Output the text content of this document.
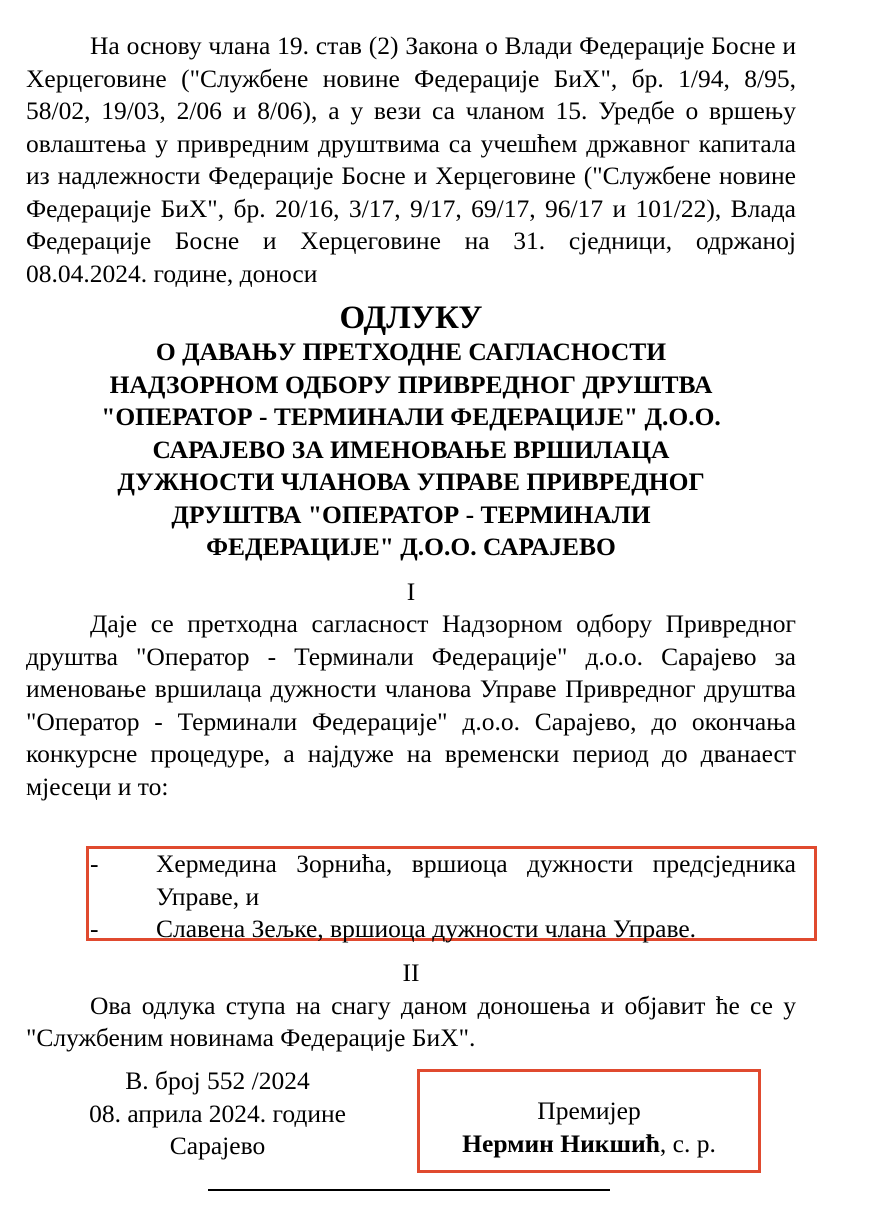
На основу члана 19. став (2) Закона о Влади Федерације Босне и Херцеговине ("Службене новине Федерације БиХ", бр. 1/94, 8/95, 58/02, 19/03, 2/06 и 8/06), а у вези са чланом 15. Уредбе о вршењу овлаштења у привредним друштвима са учешћем државног капитала из надлежности Федерације Босне и Херцеговине ("Службене новине Федерације БиХ", бр. 20/16, 3/17, 9/17, 69/17, 96/17 и 101/22), Влада Федерације Босне и Херцеговине на 31. сједници, одржаној 08.04.2024. године, доноси

ОДЛУКУ

О ДАВАЊУ ПРЕТХОДНЕ САГЛАСНОСТИ

НАДЗОРНОМ ОДБОРУ ПРИВРЕДНОГ ДРУШТВА

"ОПЕРАТОР - ТЕРМИНАЛИ ФЕДЕРАЦИЈЕ" Д.О.О.

САРАЈЕВО ЗА ИМЕНОВАЊЕ ВРШИЛАЦА

ДУЖНОСТИ ЧЛАНОВА УПРАВЕ ПРИВРЕДНОГ

ДРУШТВА "ОПЕРАТОР - ТЕРМИНАЛИ

ФЕДЕРАЦИЈЕ" Д.О.О. САРАЈЕВО

I

Даје се претходна сагласност Надзорном одбору Привредног друштва "Оператор - Терминали Федерације" д.о.о. Сарајево за именовање вршилаца дужности чланова Управе Привредног друштва "Оператор - Терминали Федерације" д.о.о. Сарајево, до окончања конкурсне процедуре, а најдуже на временски период до дванаест мјесеци и то:

- Хермедина Зорнића, вршиоца дужности предсједника Управе, и
- Славена Зељке, вршиоца дужности члана Управе.

II

Ова одлука ступа на снагу даном доношења и објавит ће се у "Службеним новинама Федерације БиХ".

В. број 552 /2024
08. априла 2024. године
Сарајево
Премијер
Нермин Никшић, с. р.
